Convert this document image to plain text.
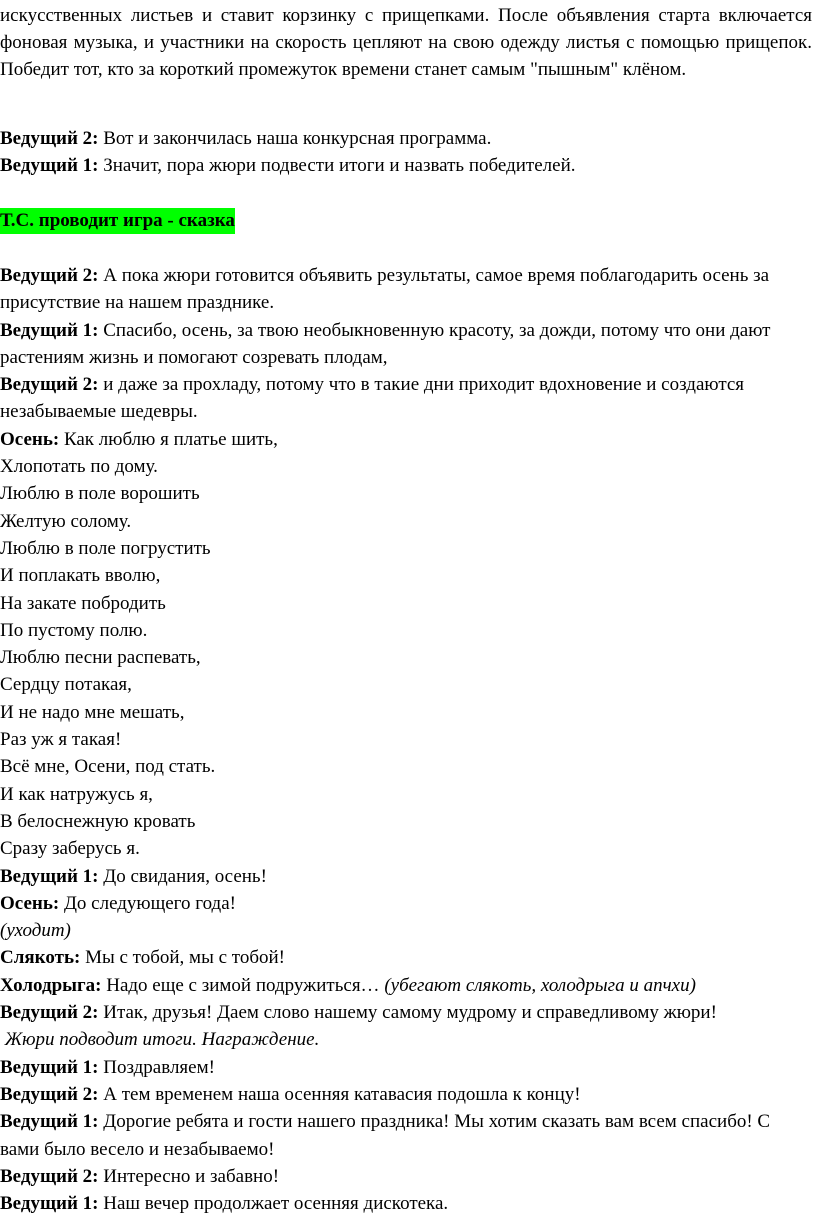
искусственных листьев и ставит корзинку с прищепками. После объявления старта включается фоновая музыка, и участники на скорость цепляют на свою одежду листья с помощью прищепок. Победит тот, кто за короткий промежуток времени станет самым "пышным" клёном.
Ведущий 2: Вот и закончилась наша конкурсная программа.
Ведущий 1: Значит, пора жюри подвести итоги и назвать победителей.
Т.С. проводит игра - сказка
Ведущий 2: А пока жюри готовится объявить результаты, самое время поблагодарить осень за присутствие на нашем празднике.
Ведущий 1: Спасибо, осень, за твою необыкновенную красоту, за дожди, потому что они дают растениям жизнь и помогают созревать плодам,
Ведущий 2: и даже за прохладу, потому что в такие дни приходит вдохновение и создаются незабываемые шедевры.
Осень: Как люблю я платье шить,
Хлопотать по дому.
Люблю в поле ворошить
Желтую солому.
Люблю в поле погрустить
И поплакать вволю,
На закате побродить
По пустому полю.
Люблю песни распевать,
Сердцу потакая,
И не надо мне мешать,
Раз уж я такая!
Всё мне, Осени, под стать.
И как натружусь я,
В белоснежную кровать
Сразу заберусь я.
Ведущий 1: До свидания, осень!
Осень: До следующего года!
(уходит)
Слякоть: Мы с тобой, мы с тобой!
Холодрыга: Надо еще с зимой подружиться… (убегают слякоть, холодрыга и апчхи)
Ведущий 2: Итак, друзья! Даем слово нашему самому мудрому и справедливому жюри!
Жюри подводит итоги. Награждение.
Ведущий 1: Поздравляем!
Ведущий 2: А тем временем наша осенняя катавасия подошла к концу!
Ведущий 1: Дорогие ребята и гости нашего праздника! Мы хотим сказать вам всем спасибо! С вами было весело и незабываемо!
Ведущий 2: Интересно и забавно!
Ведущий 1: Наш вечер продолжает осенняя дискотека.
